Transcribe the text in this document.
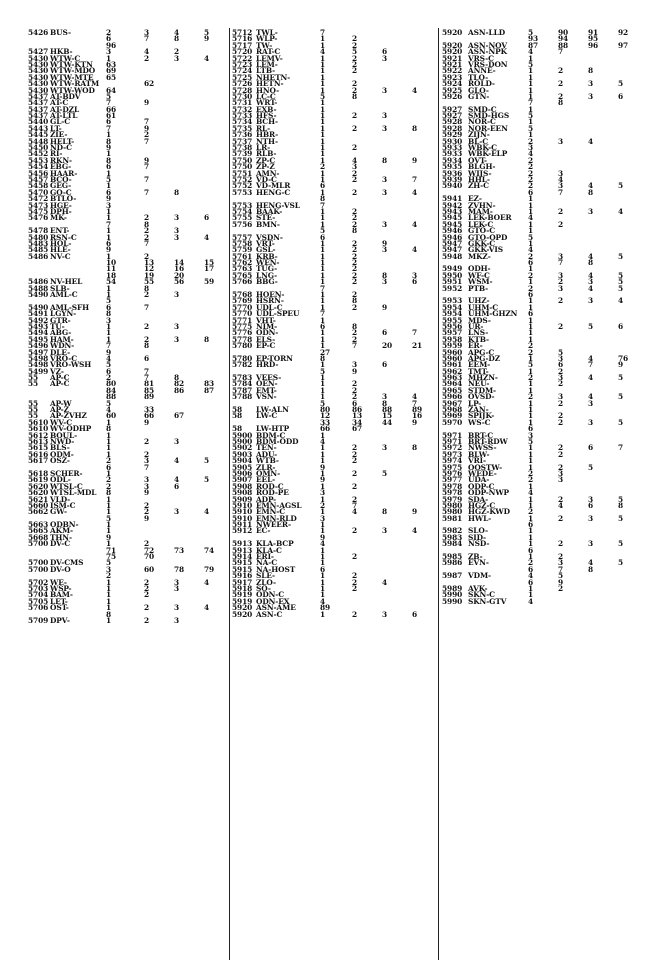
5426 BUS-	2	3	4	5
6	7	8	9
96
5427 HKB-	3	4	2
5430 WTW-C	1	2	3	4
5430 WTW-KTN 63
5430 WTW-MDO 69
5430 WTW-MTE 65
5430 WTW-RATM	62
5430 WTW-WOD 64
5437 AT-BDV	5
5437 AT-C	7	9
5437 AT-DZL	66
5437 AT-LTL	61
5440 GL-C	6	7
5443 LT-	7	9
5445 ZIE-	1	2
5448 HELT-	8	7
5450 ND-C	9
5452 RI-	1
5453 RKN-	8	9
5454 EBG-	6	7
5456 HAAR-	1
5457 BCO-	5	7
5458 GEG-	1
5470 GO-C	6	7	8
5472 BTLO-	9
5473 HGE-	3
5475 DPH-	1
5476 MK-	1	2	3	6
7	8
5478 ENT-	1	2	3
5480 RSN-C	1	2	3	4
5483 HOL-	6	7
5485 HLE-	9
5486 NV-C	1	2
10	13	14	15
11	12	16	17
18	19	20
5486 NV-HEL	54	55	56	59
5488 SLB-	1	8
5490 AML-C	1	2	3
5
5490 AML-SFH 6	7
5491 LGYN-	8
5492 GTR-	3
5493 TU-	1	2	3
5494 ABG-	1
5495 HAM-	1	2	3	8
5496 WDN-	7	8
5497 DLE-	9
5498 VRO-C	4	6
5498 VRO-WSH 5
5499 VZ-	6	7
55 AP-C	2	7	8
55 AP-C	80	81	82	83
84	85	86	87
88	89
55 AP-W	5
55 AP-Z	4	33
55 AP-ZVHZ	60	66	67
5610 WV-C	1	9
5610 WV-ODHP 8
5612 BOUL-	1
5613 NWD-	1	2	3
5615 BLS-	1
5616 ODM-	1	2
5617 OSZ-	2	3	4	5
6	7
5618 SCHER-	1
5619 ODL-	2	3	4	5
5620 WTSL-C	2	3	6
5620 WTSL-MDL 8	9
5621 VLD-	1
5660 ISM-C	1	2
5662 GW-	1	2	3	4
5	9
5663 ODBN-	1
5665 AKM-	1
5668 THN-	9
5700 DV-C	1	2
71	72	73	74
75	70
5700 DV-CMS	5
5700 DV-O	3	60	78	79
2
5702 WE-	1	2	3	4
5703 WSP-	1	2	3
5704 BAM-	1	2
5705 LET-	1
5706 OST-	1	2	3	4
8
5709 DPV-	1	2	3
5712 TWL-	7
5716 WLP-	1	2
5717 TW-	1	2
5720 RAT-C	4	5	6
5722 LEMV-	1	2	3
5723 LEM-	1	2
5724 LTB-	1	2
5725 NHETN-	1
5726 HETN-	1	2
5728 HNO-	1	2	3	4
5730 LC-C	5	8
5731 WRT-	1
5732 EXB-	1
5733 HFS-	1	2	3
5734 BCH-	1
5735 RL-	1	2	3	8
5736 HBR-	1
5737 NTH-	1
5738 LR-	1	2
5739 RLB-	1
5750 ZP-C	1	4	8	9
5750 ZP-Z	2	3
5751 AMN-	1	2
5752 VD-C	1	2	3	7
5752 VD-MLR	6
5753 HENG-C	1	2	3	4
8
5753 HENG-VSL	7
5754 BAAK-	1	2
5755 STE-	1	2
5756 BMN-	1	2	3	4
5	8
5757 VSDN-	6
5758 VRT-	1	2	9
5759 GSL-	1	2	3	4
5761 KRB-	1	2
5762 WEN-	1	2
5763 TUG-	1	2
5765 LNG-	1	2	8	3
5766 BBG-	1	2	3	6
7
5768 HOEN-	1	2
5769 HSRN-	1	8
5770 UDL-C	1	2	9
5770 UDL-SPEU	7
5771 VHT-	1
5775 NIM-	6	8
5776 ODN-	1	2	6	7
5778 ELS-	1	2
5780 EP-C	1	7	20	21
27
5780 EP-TORN	8
5782 HRD-	1	3	6
5	9
5783 VEES-	1
5784 OEN-	1	2
5787 EMT-	1	2
5788 VSN-	1	2	3	4
5	6	8	7
58 LW-ALN	80	86	88	89
58 LW-C	12	13	15	16
33	34	44	9
58 LW-HTP	66	67
5900 BDM-C	1
5900 BDM-ODD	4
5902 TEN-	1	2	3	8
5903 ADU-	1	2
5904 WTB-	1	2
5905 ZLR-	9
5906 OMN-	1	2	5
5907 EEL-	9
5908 ROD-C	1	2
5908 ROD-PE	3
5909 ADP-	1	2
5910 EMN-AGSL	2	7
5910 EMN-C	1	4	8	9
5910 EMN-RLD	3
5911 NWEER-	1
5912 EC-	1	2	3	4
9
5913 KLA-BCP	4
5913 KLA-C	1
5914 ERI-	1	2
5915 NA-C	1
5915 NA-HOST	6
5916 SLE-	1	2
5917 ZLO-	1	2	4
5918 SO-	1	2
5919 ODN-C	1
5919 ODN-EX	4
5920 ASN-AME	89
5920 ASN-C	1	2	3	6
5920 ASN-LLD	5	90	91	92
93	94	95
5920 ASN-NOV	87	88	96	97
5920 ASN-NPK	4	7
5921 VRS-C	1
5921 VRS-DON	5
5922 ANNE-	1	2	8
5923 TLO-	1
5924 ROLD-	1	2	3	5
5925 GLO-	1
5926 GTN-	1	2	3	6
7	8
5927 SMD-C	1
5927 SMD-HGS	5
5928 NOR-C	1
5928 NOR-EEN	5
5929 ZIJN-	1
5930 BL-C	2	3	4
5933 WBK-C	3
5933 WBK-ELP	4
5934 OVT-	2
5935 BLGH-	2
5936 WIJS-	2	3
5939 HHL-	2	4
5940 ZH-C	2	3	4	5
6	7	8
5941 EZ-	1
5942 ZVHN-	1
5943 MAM-	1	2	3	4
5945 LEK-BOER 4
5945 LEK-C	1	2
5946 GTO-C	1
5946 GTO-OPD	5
5947 GKK-C	1
5947 GKK-VIS	4
5948 MKZ-	2	3	4	5
6	7	8
5949 ODH-	1
5950 WF-C	2	3	4	5
5951 WSM-	1	2	3	5
5952 PTB-	2	3	4	5
6
5953 UHZ-	1	2	3	4
5954 UHM-C	1
5954 UHM-GHZN 6
5955 MDS-	1
5956 UR-	1	2	5	6
5957 LNS-	1
5958 KTB-	1
5959 ER-	2
5960 APG-C	2	5
5960 APG-DZ	1	3	4	76
5961 EEM-	5	6	7	9
5962 TMT-	1	2
5963 MHZN-	2	3	4	5
5964 NEU-	1	2
5965 STDM-	1
5966 OVSD-	2	3	4	5
5967 LP-	1	2	3
5968 ZAN-	1
5969 SPIJK-	1	2
5970 WS-C	1	2	3	5
6
5971 BRT-C	3
5971 BRT-RDW	5
5972 NWSS-	1	2	6	7
5973 BLW-	1	2
5974 VRI-	1
5975 OOSTW-	1	2	5
5976 WEDE-	2	3
5977 UDA-	2	3
5978 ODP-C	1
5978 ODP-NWP	4
5979 SDA-	1	2	3	5
5980 HGZ-C	1	4	6	8
5980 HGZ-KWD 2
5981 HWL-	1	2	3	5
6
5982 SLO-	1
5983 SID-	1
5984 NSD-	1	2	3	5
6
5985 ZB-	1	2
5986 EVN-	2	3	4	5
6	7	8
5987 VDM-	4	5
6	9
5989 AVK-	1	2
5990 SKN-C	1
5990 SKN-GTV	4
